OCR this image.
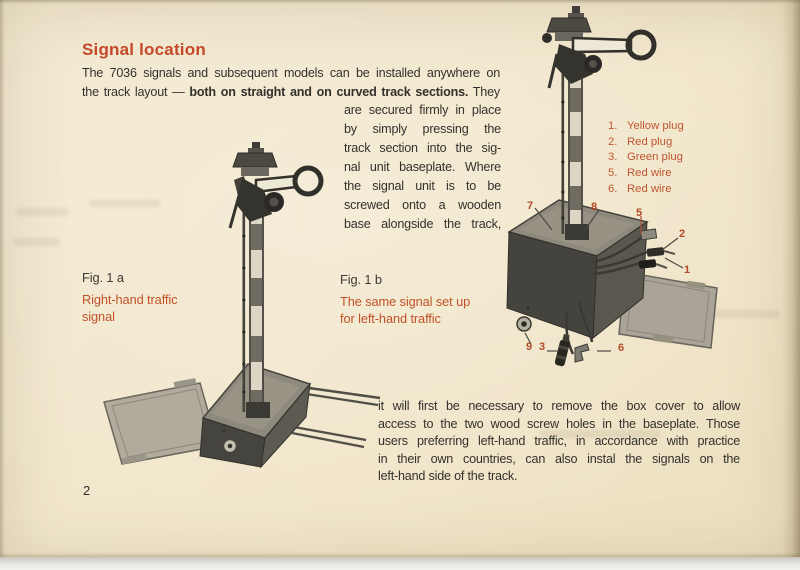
Signal location
The 7036 signals and subsequent models can be installed anywhere on
the track layout — both on straight and on curved track sections. They
are secured firmly in place
by simply pressing the
track section into the sig-
nal unit baseplate. Where
the signal unit is to be
screwed onto a wooden
base alongside the track,
1. Yellow plug
2. Red plug
3. Green plug
5. Red wire
6. Red wire
7	8	5
2
1
9 3	6
Fig. 1 a
Right-hand traffic
signal
Fig. 1 b
The same signal set up
for left-hand traffic
it will first be necessary to remove the box cover to allow
access to the two wood screw holes in the baseplate. Those
users preferring left-hand traffic, in accordance with practice
in their own countries, can also instal the signals on the
left-hand side of the track.
2
